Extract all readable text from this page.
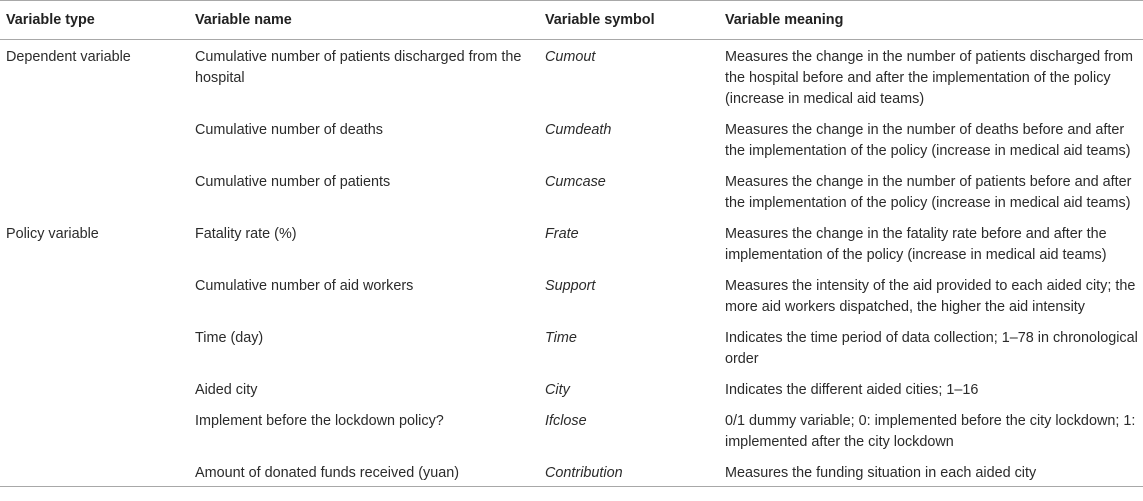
Variable type	Variable name	Variable symbol	Variable meaning
Dependent variable	Cumulative number of patients discharged from the hospital	Cumout	Measures the change in the number of patients discharged from the hospital before and after the implementation of the policy (increase in medical aid teams)
	Cumulative number of deaths	Cumdeath	Measures the change in the number of deaths before and after the implementation of the policy (increase in medical aid teams)
	Cumulative number of patients	Cumcase	Measures the change in the number of patients before and after the implementation of the policy (increase in medical aid teams)
Policy variable	Fatality rate (%)	Frate	Measures the change in the fatality rate before and after the implementation of the policy (increase in medical aid teams)
	Cumulative number of aid workers	Support	Measures the intensity of the aid provided to each aided city; the more aid workers dispatched, the higher the aid intensity
	Time (day)	Time	Indicates the time period of data collection; 1–78 in chronological order
	Aided city	City	Indicates the different aided cities; 1–16
	Implement before the lockdown policy?	Ifclose	0/1 dummy variable; 0: implemented before the city lockdown; 1: implemented after the city lockdown
	Amount of donated funds received (yuan)	Contribution	Measures the funding situation in each aided city
